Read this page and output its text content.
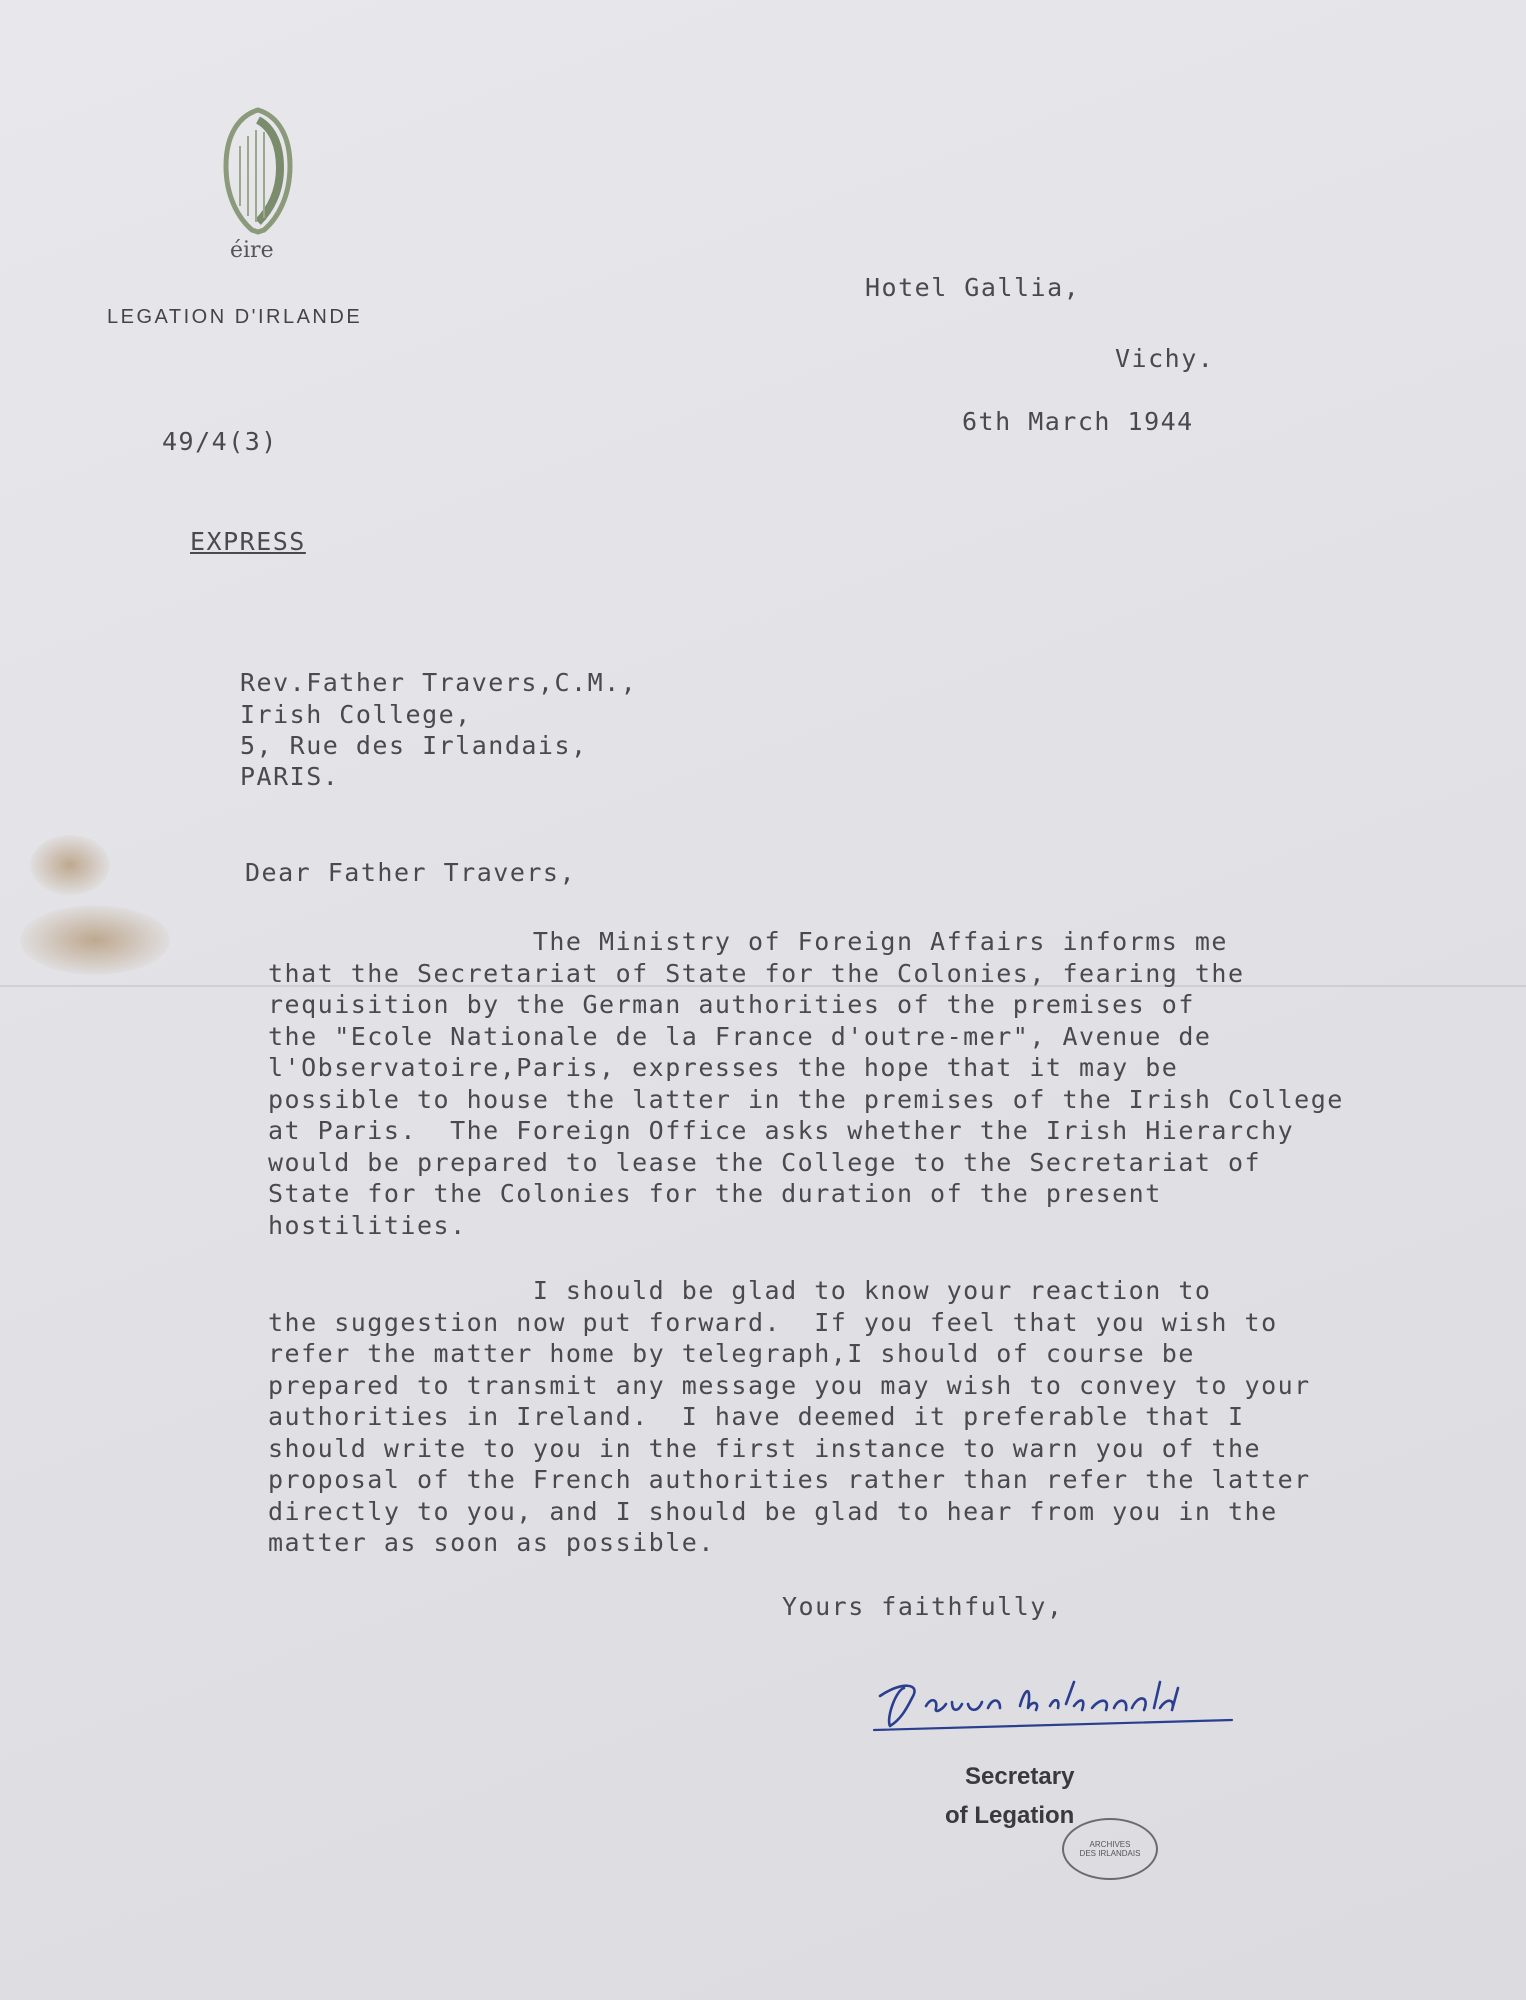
éire
LEGATION D'IRLANDE
Hotel Gallia,
Vichy.
6th March 1944
49/4(3)
EXPRESS
Rev.Father Travers,C.M.,
Irish College,
5, Rue des Irlandais,
PARIS.
Dear Father Travers,
The Ministry of Foreign Affairs informs me
that the Secretariat of State for the Colonies, fearing the
requisition by the German authorities of the premises of
the "Ecole Nationale de la France d'outre-mer", Avenue de
l'Observatoire,Paris, expresses the hope that it may be
possible to house the latter in the premises of the Irish College
at Paris.  The Foreign Office asks whether the Irish Hierarchy
would be prepared to lease the College to the Secretariat of
State for the Colonies for the duration of the present
hostilities.
I should be glad to know your reaction to
the suggestion now put forward.  If you feel that you wish to
refer the matter home by telegraph,I should of course be
prepared to transmit any message you may wish to convey to your
authorities in Ireland.  I have deemed it preferable that I
should write to you in the first instance to warn you of the
proposal of the French authorities rather than refer the latter
directly to you, and I should be glad to hear from you in the
matter as soon as possible.
Yours faithfully,
Secretary
of Legation
ARCHIVES
DES IRLANDAIS
